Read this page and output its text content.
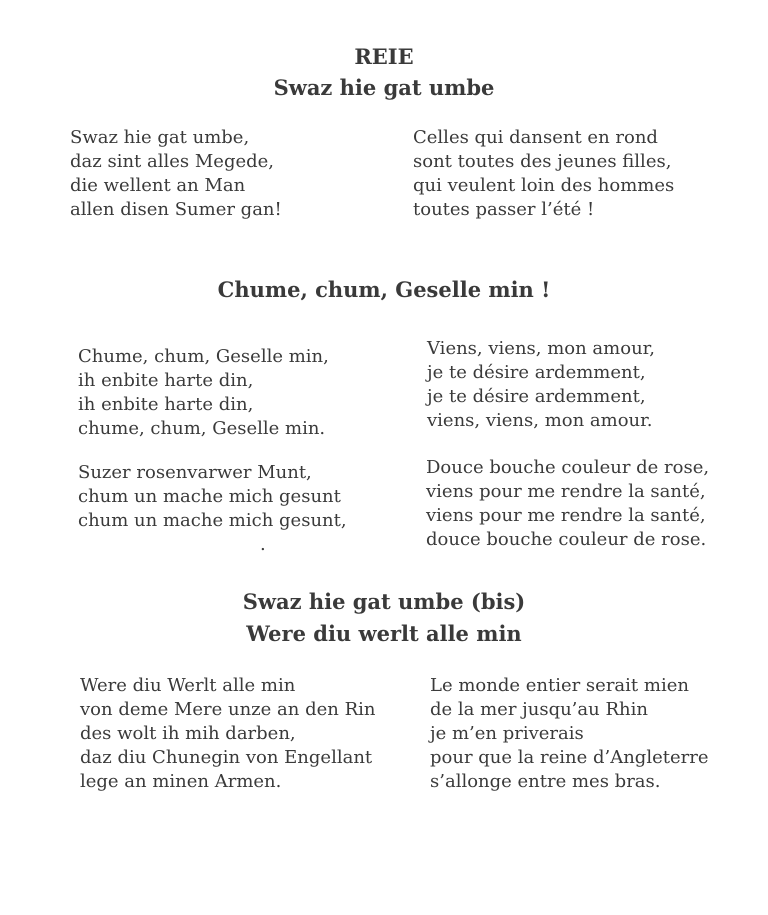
REIE
Swaz hie gat umbe
Swaz hie gat umbe,
daz sint alles Megede,
die wellent an Man
allen disen Sumer gan!
Celles qui dansent en rond
sont toutes des jeunes filles,
qui veulent loin des hommes
toutes passer l’été !
Chume, chum, Geselle min !
Chume, chum, Geselle min,
ih enbite harte din,
ih enbite harte din,
chume, chum, Geselle min.
Viens, viens, mon amour,
je te désire ardemment,
je te désire ardemment,
viens, viens, mon amour.
Suzer rosenvarwer Munt,
chum un mache mich gesunt
chum un mache mich gesunt,
.
Douce bouche couleur de rose,
viens pour me rendre la santé,
viens pour me rendre la santé,
douce bouche couleur de rose.
Swaz hie gat umbe (bis)
Were diu werlt alle min
Were diu Werlt alle min
von deme Mere unze an den Rin
des wolt ih mih darben,
daz diu Chunegin von Engellant
lege an minen Armen.
Le monde entier serait mien
de la mer jusqu’au Rhin
je m’en priverais
pour que la reine d’Angleterre
s’allonge entre mes bras.
